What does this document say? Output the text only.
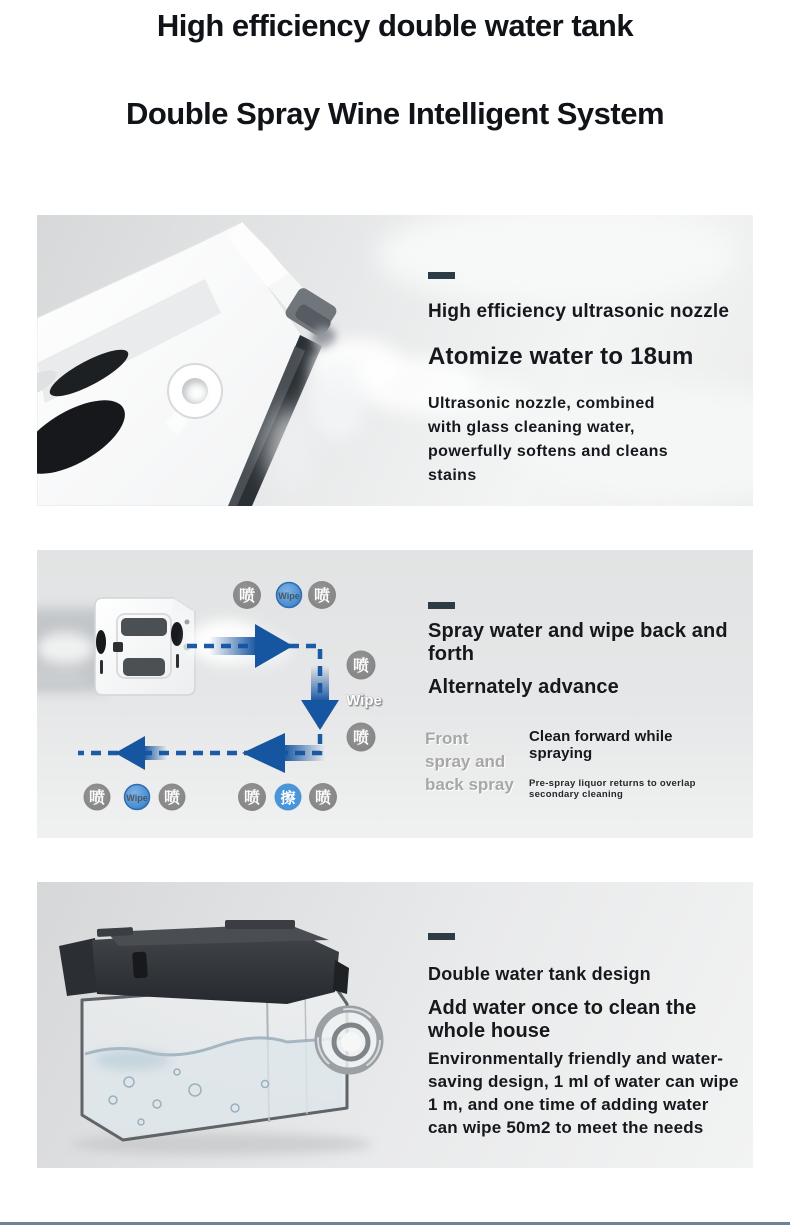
High efficiency double water tank
Double Spray Wine Intelligent System
High efficiency ultrasonic nozzle
Atomize water to 18um
Ultrasonic nozzle, combined with glass cleaning water, powerfully softens and cleans stains
喷	Wipe 喷
喷
Wipe
喷
喷 Wipe 喷	喷 擦 喷
Spray water and wipe back and forth
Alternately advance
Front spray and back spray
Clean forward while spraying
Pre-spray liquor returns to overlap secondary cleaning
Double water tank design
Add water once to clean the whole house
Environmentally friendly and water-saving design, 1 ml of water can wipe 1 m, and one time of adding water can wipe 50m2 to meet the needs
